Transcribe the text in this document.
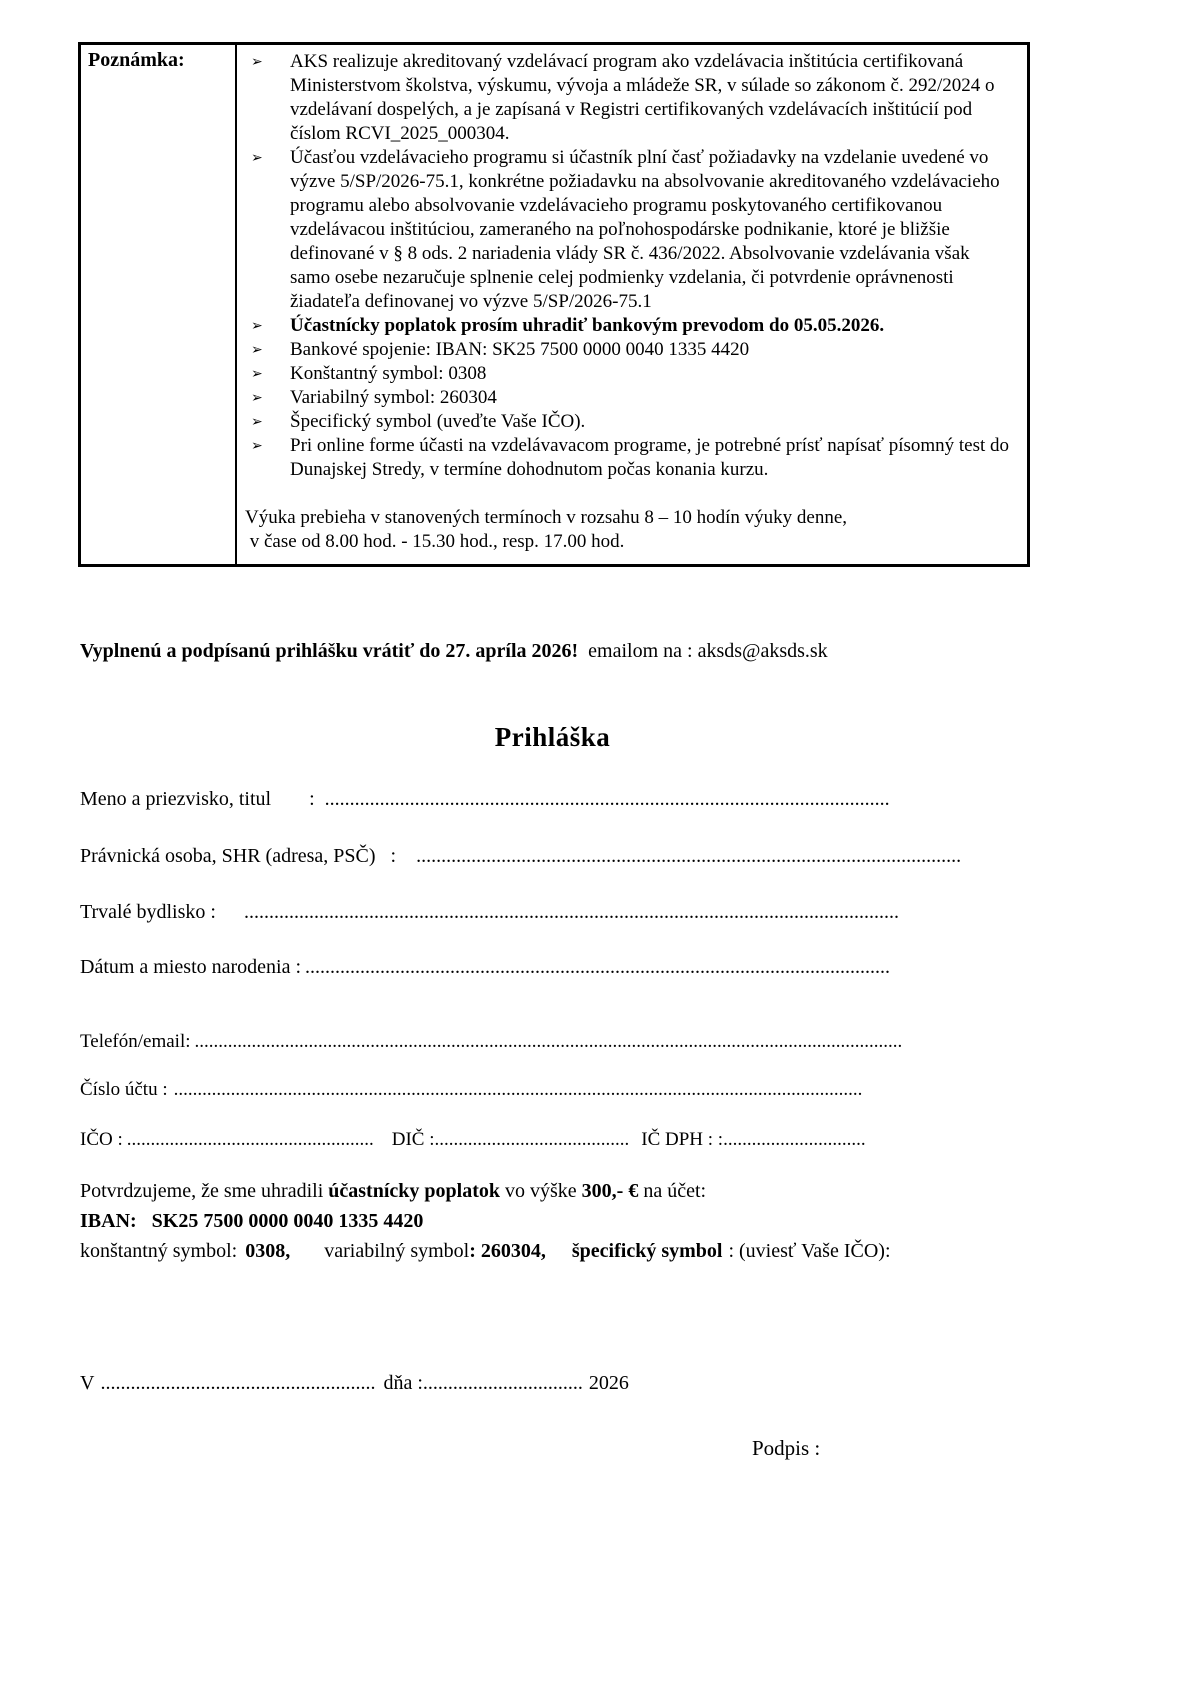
Poznámka:	➢	AKS realizuje akreditovaný vzdelávací program ako vzdelávacia inštitúcia certifikovaná Ministerstvom školstva, výskumu, vývoja a mládeže SR, v súlade so zákonom č. 292/2024 o vzdelávaní dospelých, a je zapísaná v Registri certifikovaných vzdelávacích inštitúcií pod číslom RCVI_2025_000304.
➢	Účasťou vzdelávacieho programu si účastník plní časť požiadavky na vzdelanie uvedené vo výzve 5/SP/2026-75.1, konkrétne požiadavku na absolvovanie akreditovaného vzdelávacieho programu alebo absolvovanie vzdelávacieho programu poskytovaného certifikovanou vzdelávacou inštitúciou, zameraného na poľnohospodárske podnikanie, ktoré je bližšie definované v § 8 ods. 2 nariadenia vlády SR č. 436/2022. Absolvovanie vzdelávania však samo osebe nezaručuje splnenie celej podmienky vzdelania, či potvrdenie oprávnenosti žiadateľa definovanej vo výzve 5/SP/2026-75.1
➢	Účastnícky poplatok prosím uhradiť bankovým prevodom do 05.05.2026.
➢	Bankové spojenie: IBAN: SK25 7500 0000 0040 1335 4420
➢	Konštantný symbol: 0308
➢	Variabilný symbol: 260304
➢	Špecifický symbol (uveďte Vaše IČO).
➢	Pri online forme účasti na vzdelávavacom programe, je potrebné prísť napísať písomný test do Dunajskej Stredy, v termíne dohodnutom počas konania kurzu.
Výuka prebieha v stanovených termínoch v rozsahu 8 – 10 hodín výuky denne,
v čase od 8.00 hod. - 15.30 hod., resp. 17.00 hod.
Vyplnenú a podpísanú prihlášku vrátiť do 27. apríla 2026! emailom na : aksds@aksds.sk
Prihláška
Meno a priezvisko, titul : .................................................................................................................
Právnická osoba, SHR (adresa, PSČ) : .............................................................................................................
Trvalé bydlisko : ...................................................................................................................................
Dátum a miesto narodenia : .....................................................................................................................
Telefón/email: .....................................................................................................................................................
Číslo účtu : .................................................................................................................................................
IČO : .................................................... DIČ :......................................... IČ DPH : :..............................
Potvrdzujeme, že sme uhradili účastnícky poplatok vo výške 300,- € na účet:
IBAN:   SK25 7500 0000 0040 1335 4420
konštantný symbol: 0308, variabilný symbol: 260304, špecifický symbol : (uviesť Vaše IČO):
V ....................................................... dňa :................................ 2026
Podpis :
